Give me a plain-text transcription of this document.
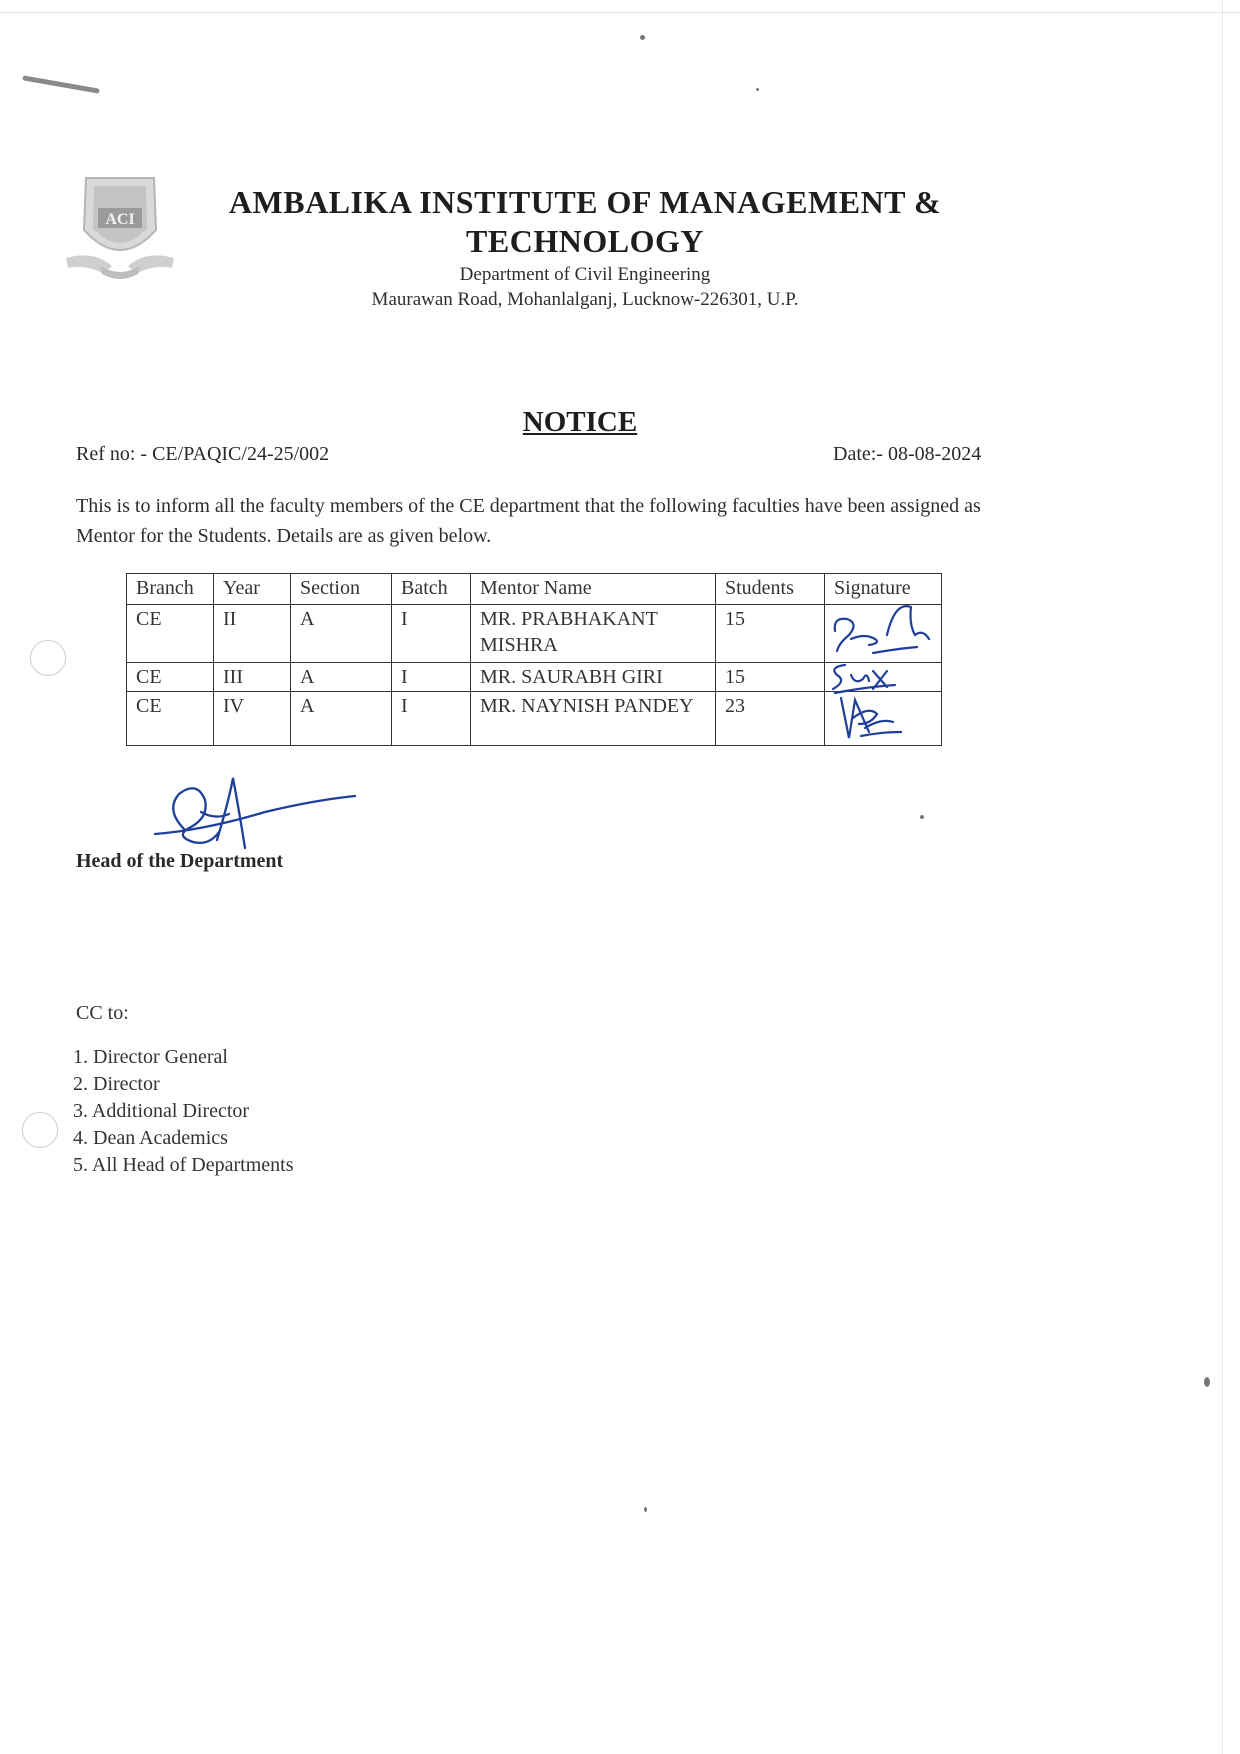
ACI	AMBALIKA INSTITUTE OF MANAGEMENT &
TECHNOLOGY
Department of Civil Engineering
Maurawan Road, Mohanlalganj, Lucknow-226301, U.P.
NOTICE
Ref no: - CE/PAQIC/24-25/002	Date:- 08-08-2024
This is to inform all the faculty members of the CE department that the following faculties have been assigned as Mentor for the Students. Details are as given below.
Branch	Year	Section	Batch	Mentor Name	Students	Signature
CE	II	A	I	MR. PRABHAKANT MISHRA	15	

CE	III	A	I	MR. SAURABH GIRI	15	

CE	IV	A	I	MR. NAYNISH PANDEY	23	
Head of the Department
CC to:
1. Director General
2. Director
3. Additional Director
4. Dean Academics
5. All Head of Departments
